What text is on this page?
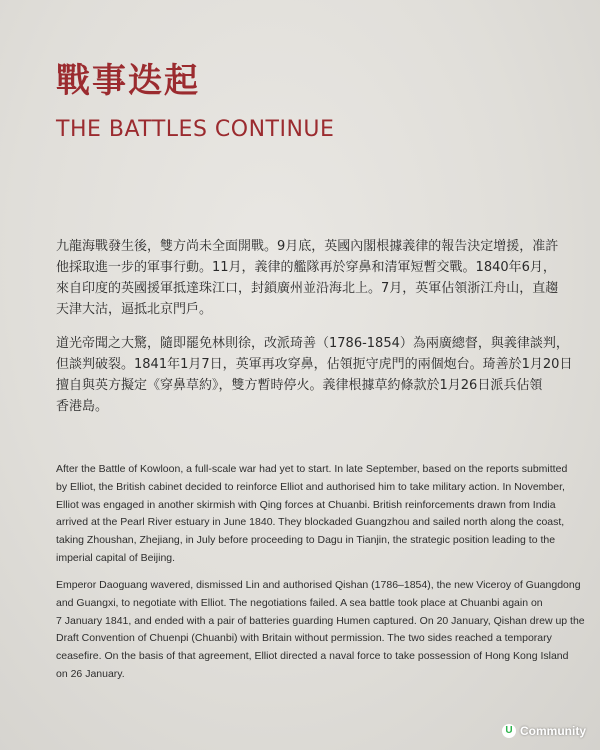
戰事迭起
THE BATTLES CONTINUE

九龍海戰發生後，雙方尚未全面開戰。9月底，英國內閣根據義律的報告決定增援，准許
他採取進一步的軍事行動。11月，義律的艦隊再於穿鼻和清軍短暫交戰。1840年6月，
來自印度的英國援軍抵達珠江口，封鎖廣州並沿海北上。7月，英軍佔領浙江舟山，直趨
天津大沽，逼抵北京門戶。

道光帝聞之大驚，隨即罷免林則徐，改派琦善（1786-1854）為兩廣總督，與義律談判，
但談判破裂。1841年1月7日，英軍再攻穿鼻，佔領扼守虎門的兩個炮台。琦善於1月20日
擅自與英方擬定《穿鼻草約》，雙方暫時停火。義律根據草約條款於1月26日派兵佔領
香港島。

After the Battle of Kowloon, a full-scale war had yet to start. In late September, based on the reports submitted
by Elliot, the British cabinet decided to reinforce Elliot and authorised him to take military action. In November,
Elliot was engaged in another skirmish with Qing forces at Chuanbi. British reinforcements drawn from India
arrived at the Pearl River estuary in June 1840. They blockaded Guangzhou and sailed north along the coast,
taking Zhoushan, Zhejiang, in July before proceeding to Dagu in Tianjin, the strategic position leading to the
imperial capital of Beijing.

Emperor Daoguang wavered, dismissed Lin and authorised Qishan (1786–1854), the new Viceroy of Guangdong
and Guangxi, to negotiate with Elliot. The negotiations failed. A sea battle took place at Chuanbi again on
7 January 1841, and ended with a pair of batteries guarding Humen captured. On 20 January, Qishan drew up the
Draft Convention of Chuenpi (Chuanbi) with Britain without permission. The two sides reached a temporary
ceasefire. On the basis of that agreement, Elliot directed a naval force to take possession of Hong Kong Island
on 26 January.

U Community
